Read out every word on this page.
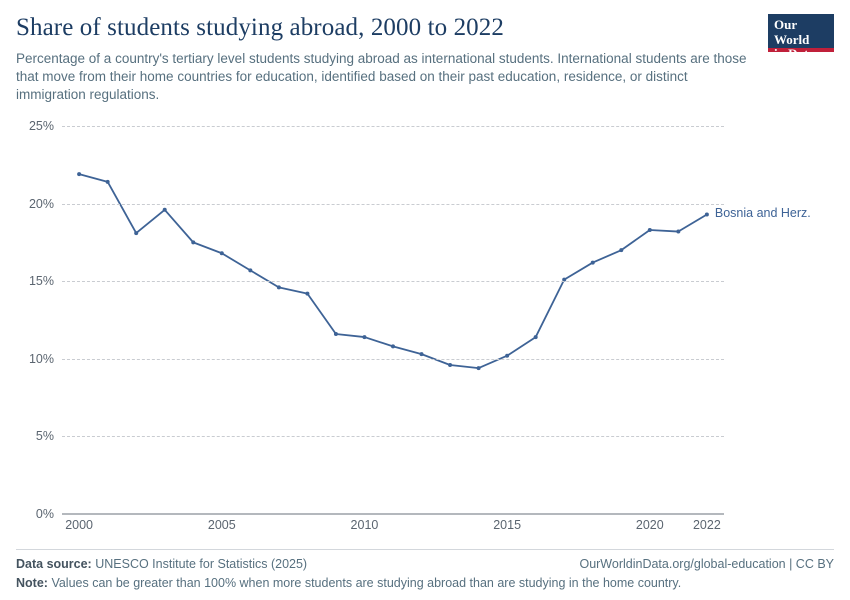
Share of students studying abroad, 2000 to 2022

Percentage of a country's tertiary level students studying abroad as international students. International students are those that move from their home countries for education, identified based on their past education, residence, or distinct immigration regulations.

Our World
in Data
0%
5%
10%
15%
20%
25%
2000	2005	2010	2015	2020 2022
Bosnia and Herz.
Data source: UNESCO Institute for Statistics (2025)	OurWorldinData.org/global-education | CC BY
Note: Values can be greater than 100% when more students are studying abroad than are studying in the home country.
